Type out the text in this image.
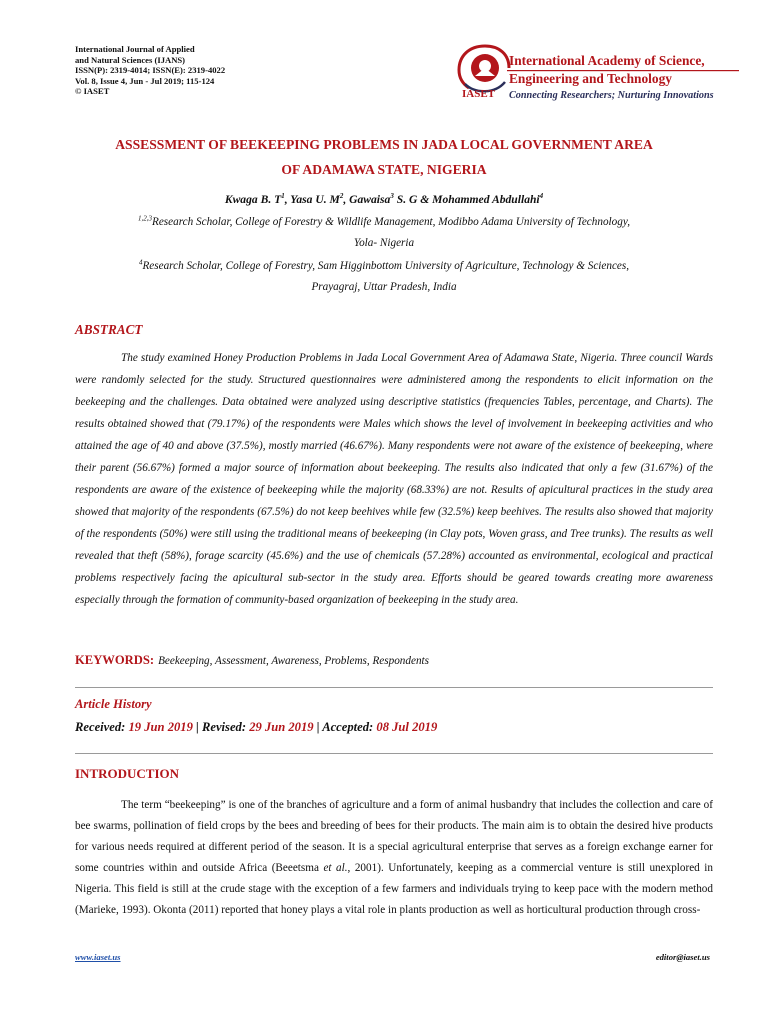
International Journal of Applied
and Natural Sciences (IJANS)
ISSN(P): 2319-4014; ISSN(E): 2319-4022
Vol. 8, Issue 4, Jun - Jul 2019; 115-124
© IASET	IASET
International Academy of Science,
Engineering and Technology
Connecting Researchers; Nurturing Innovations
ASSESSMENT OF BEEKEEPING PROBLEMS IN JADA LOCAL GOVERNMENT AREA
OF ADAMAWA STATE, NIGERIA
Kwaga B. $T^1$, Yasa U. $M^2$, Gawaisa$^3$ S. G & Mohammed Abdullahi$^4$
$^{1,2,3}$Research Scholar, College of Forestry & Wildlife Management, Modibbo Adama University of Technology,
Yola- Nigeria
$^4$Research Scholar, College of Forestry, Sam Higginbottom University of Agriculture, Technology & Sciences,
Prayagraj, Uttar Pradesh, India
ABSTRACT

The study examined Honey Production Problems in Jada Local Government Area of Adamawa State, Nigeria. Three council Wards were randomly selected for the study. Structured questionnaires were administered among the respondents to elicit information on the beekeeping and the challenges. Data obtained were analyzed using descriptive statistics (frequencies Tables, percentage, and Charts). The results obtained showed that (79.17%) of the respondents were Males which shows the level of involvement in beekeeping activities and who attained the age of 40 and above (37.5%), mostly married (46.67%). Many respondents were not aware of the existence of beekeeping, where their parent (56.67%) formed a major source of information about beekeeping. The results also indicated that only a few (31.67%) of the respondents are aware of the existence of beekeeping while the majority (68.33%) are not. Results of apicultural practices in the study area showed that majority of the respondents (67.5%) do not keep beehives while few (32.5%) keep beehives. The results also showed that majority of the respondents (50%) were still using the traditional means of beekeeping (in Clay pots, Woven grass, and Tree trunks). The results as well revealed that theft (58%), forage scarcity (45.6%) and the use of chemicals (57.28%) accounted as environmental, ecological and practical problems respectively facing the apicultural sub-sector in the study area. Efforts should be geared towards creating more awareness especially through the formation of community-based organization of beekeeping in the study area.

KEYWORDS: Beekeeping, Assessment, Awareness, Problems, Respondents
Article History
Received: 19 Jun 2019 | Revised: 29 Jun 2019 | Accepted: 08 Jul 2019
INTRODUCTION

The term “beekeeping” is one of the branches of agriculture and a form of animal husbandry that includes the collection and care of bee swarms, pollination of field crops by the bees and breeding of bees for their products. The main aim is to obtain the desired hive products for various needs required at different period of the season. It is a special agricultural enterprise that serves as a foreign exchange earner for some countries within and outside Africa (Beeetsma et al., 2001). Unfortunately, keeping as a commercial venture is still unexplored in Nigeria. This field is still at the crude stage with the exception of a few farmers and individuals trying to keep pace with the modern method (Marieke, 1993). Okonta (2011) reported that honey plays a vital role in plants production as well as horticultural production through cross-

www.iaset.us	editor@iaset.us
